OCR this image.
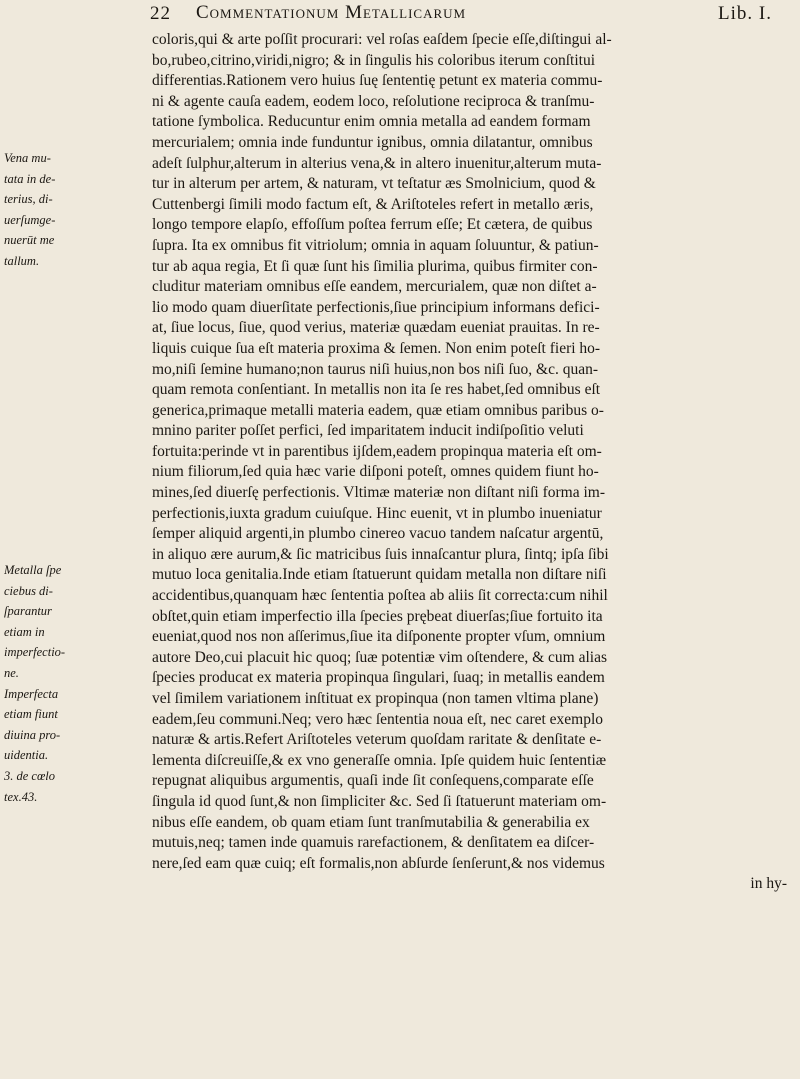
22 Commentationum Metallicarum	Lib. I.
Vena mu-
tata in de-
terius, di-
uerſumge-
nuerūt me
tallum.
Metalla ſpe
ciebus di-
ſparantur
etiam in
imperfectio-
ne.
Imperfecta
etiam fiunt
diuina pro-
uidentia.
3. de cœlo
tex.43.
coloris,qui & arte poſſit procurari: vel roſas eaſdem ſpecie eſſe,diſtingui al-
bo,rubeo,citrino,viridi,nigro; & in ſingulis his coloribus iterum conſtitui
differentias.Rationem vero huius ſuę ſententię petunt ex materia commu-
ni & agente cauſa eadem, eodem loco, reſolutione reciproca & tranſmu-
tatione ſymbolica. Reducuntur enim omnia metalla ad eandem formam
mercurialem; omnia inde funduntur ignibus, omnia dilatantur, omnibus
adeſt ſulphur,alterum in alterius vena,& in altero inuenitur,alterum muta-
tur in alterum per artem, & naturam, vt teſtatur æs Smolnicium, quod &
Cuttenbergi ſimili modo factum eſt, & Ariſtoteles refert in metallo æris,
longo tempore elapſo, effoſſum poſtea ferrum eſſe; Et cætera, de quibus
ſupra. Ita ex omnibus fit vitriolum; omnia in aquam ſoluuntur, & patiun-
tur ab aqua regia, Et ſi quæ ſunt his ſimilia plurima, quibus firmiter con-
cluditur materiam omnibus eſſe eandem, mercurialem, quæ non diſtet a-
lio modo quam diuerſitate perfectionis,ſiue principium informans defici-
at, ſiue locus, ſiue, quod verius, materiæ quædam eueniat prauitas. In re-
liquis cuique ſua eſt materia proxima & ſemen. Non enim poteſt fieri ho-
mo,niſi ſemine humano;non taurus niſi huius,non bos niſi ſuo, &c. quan-
quam remota conſentiant. In metallis non ita ſe res habet,ſed omnibus eſt
generica,primaque metalli materia eadem, quæ etiam omnibus paribus o-
mnino pariter poſſet perfici, ſed imparitatem inducit indiſpoſitio veluti
fortuita:perinde vt in parentibus ijſdem,eadem propinqua materia eſt om-
nium filiorum,ſed quia hæc varie diſponi poteſt, omnes quidem fiunt ho-
mines,ſed diuerſę perfectionis. Vltimæ materiæ non diſtant niſi forma im-
perfectionis,iuxta gradum cuiuſque. Hinc euenit, vt in plumbo inueniatur
ſemper aliquid argenti,in plumbo cinereo vacuo tandem naſcatur argentū,
in aliquo ære aurum,& ſic matricibus ſuis innaſcantur plura, ſintq; ipſa ſibi
mutuo loca genitalia.Inde etiam ſtatuerunt quidam metalla non diſtare niſi
accidentibus,quanquam hæc ſententia poſtea ab aliis ſit correcta:cum nihil
obſtet,quin etiam imperfectio illa ſpecies prębeat diuerſas;ſiue fortuito ita
eueniat,quod nos non aſſerimus,ſiue ita diſponente propter vſum, omnium
autore Deo,cui placuit hic quoq; ſuæ potentiæ vim oſtendere, & cum alias
ſpecies producat ex materia propinqua ſingulari, ſuaq; in metallis eandem
vel ſimilem variationem inſtituat ex propinqua (non tamen vltima plane)
eadem,ſeu communi.Neq; vero hæc ſententia noua eſt, nec caret exemplo
naturæ & artis.Refert Ariſtoteles veterum quoſdam raritate & denſitate e-
lementa diſcreuiſſe,& ex vno generaſſe omnia. Ipſe quidem huic ſententiæ
repugnat aliquibus argumentis, quaſi inde ſit conſequens,comparate eſſe
ſingula id quod ſunt,& non ſimpliciter &c. Sed ſi ſtatuerunt materiam om-
nibus eſſe eandem, ob quam etiam ſunt tranſmutabilia & generabilia ex
mutuis,neq; tamen inde quamuis rarefactionem, & denſitatem ea diſcer-
nere,ſed eam quæ cuiq; eſt formalis,non abſurde ſenſerunt,& nos videmus
in hy-
